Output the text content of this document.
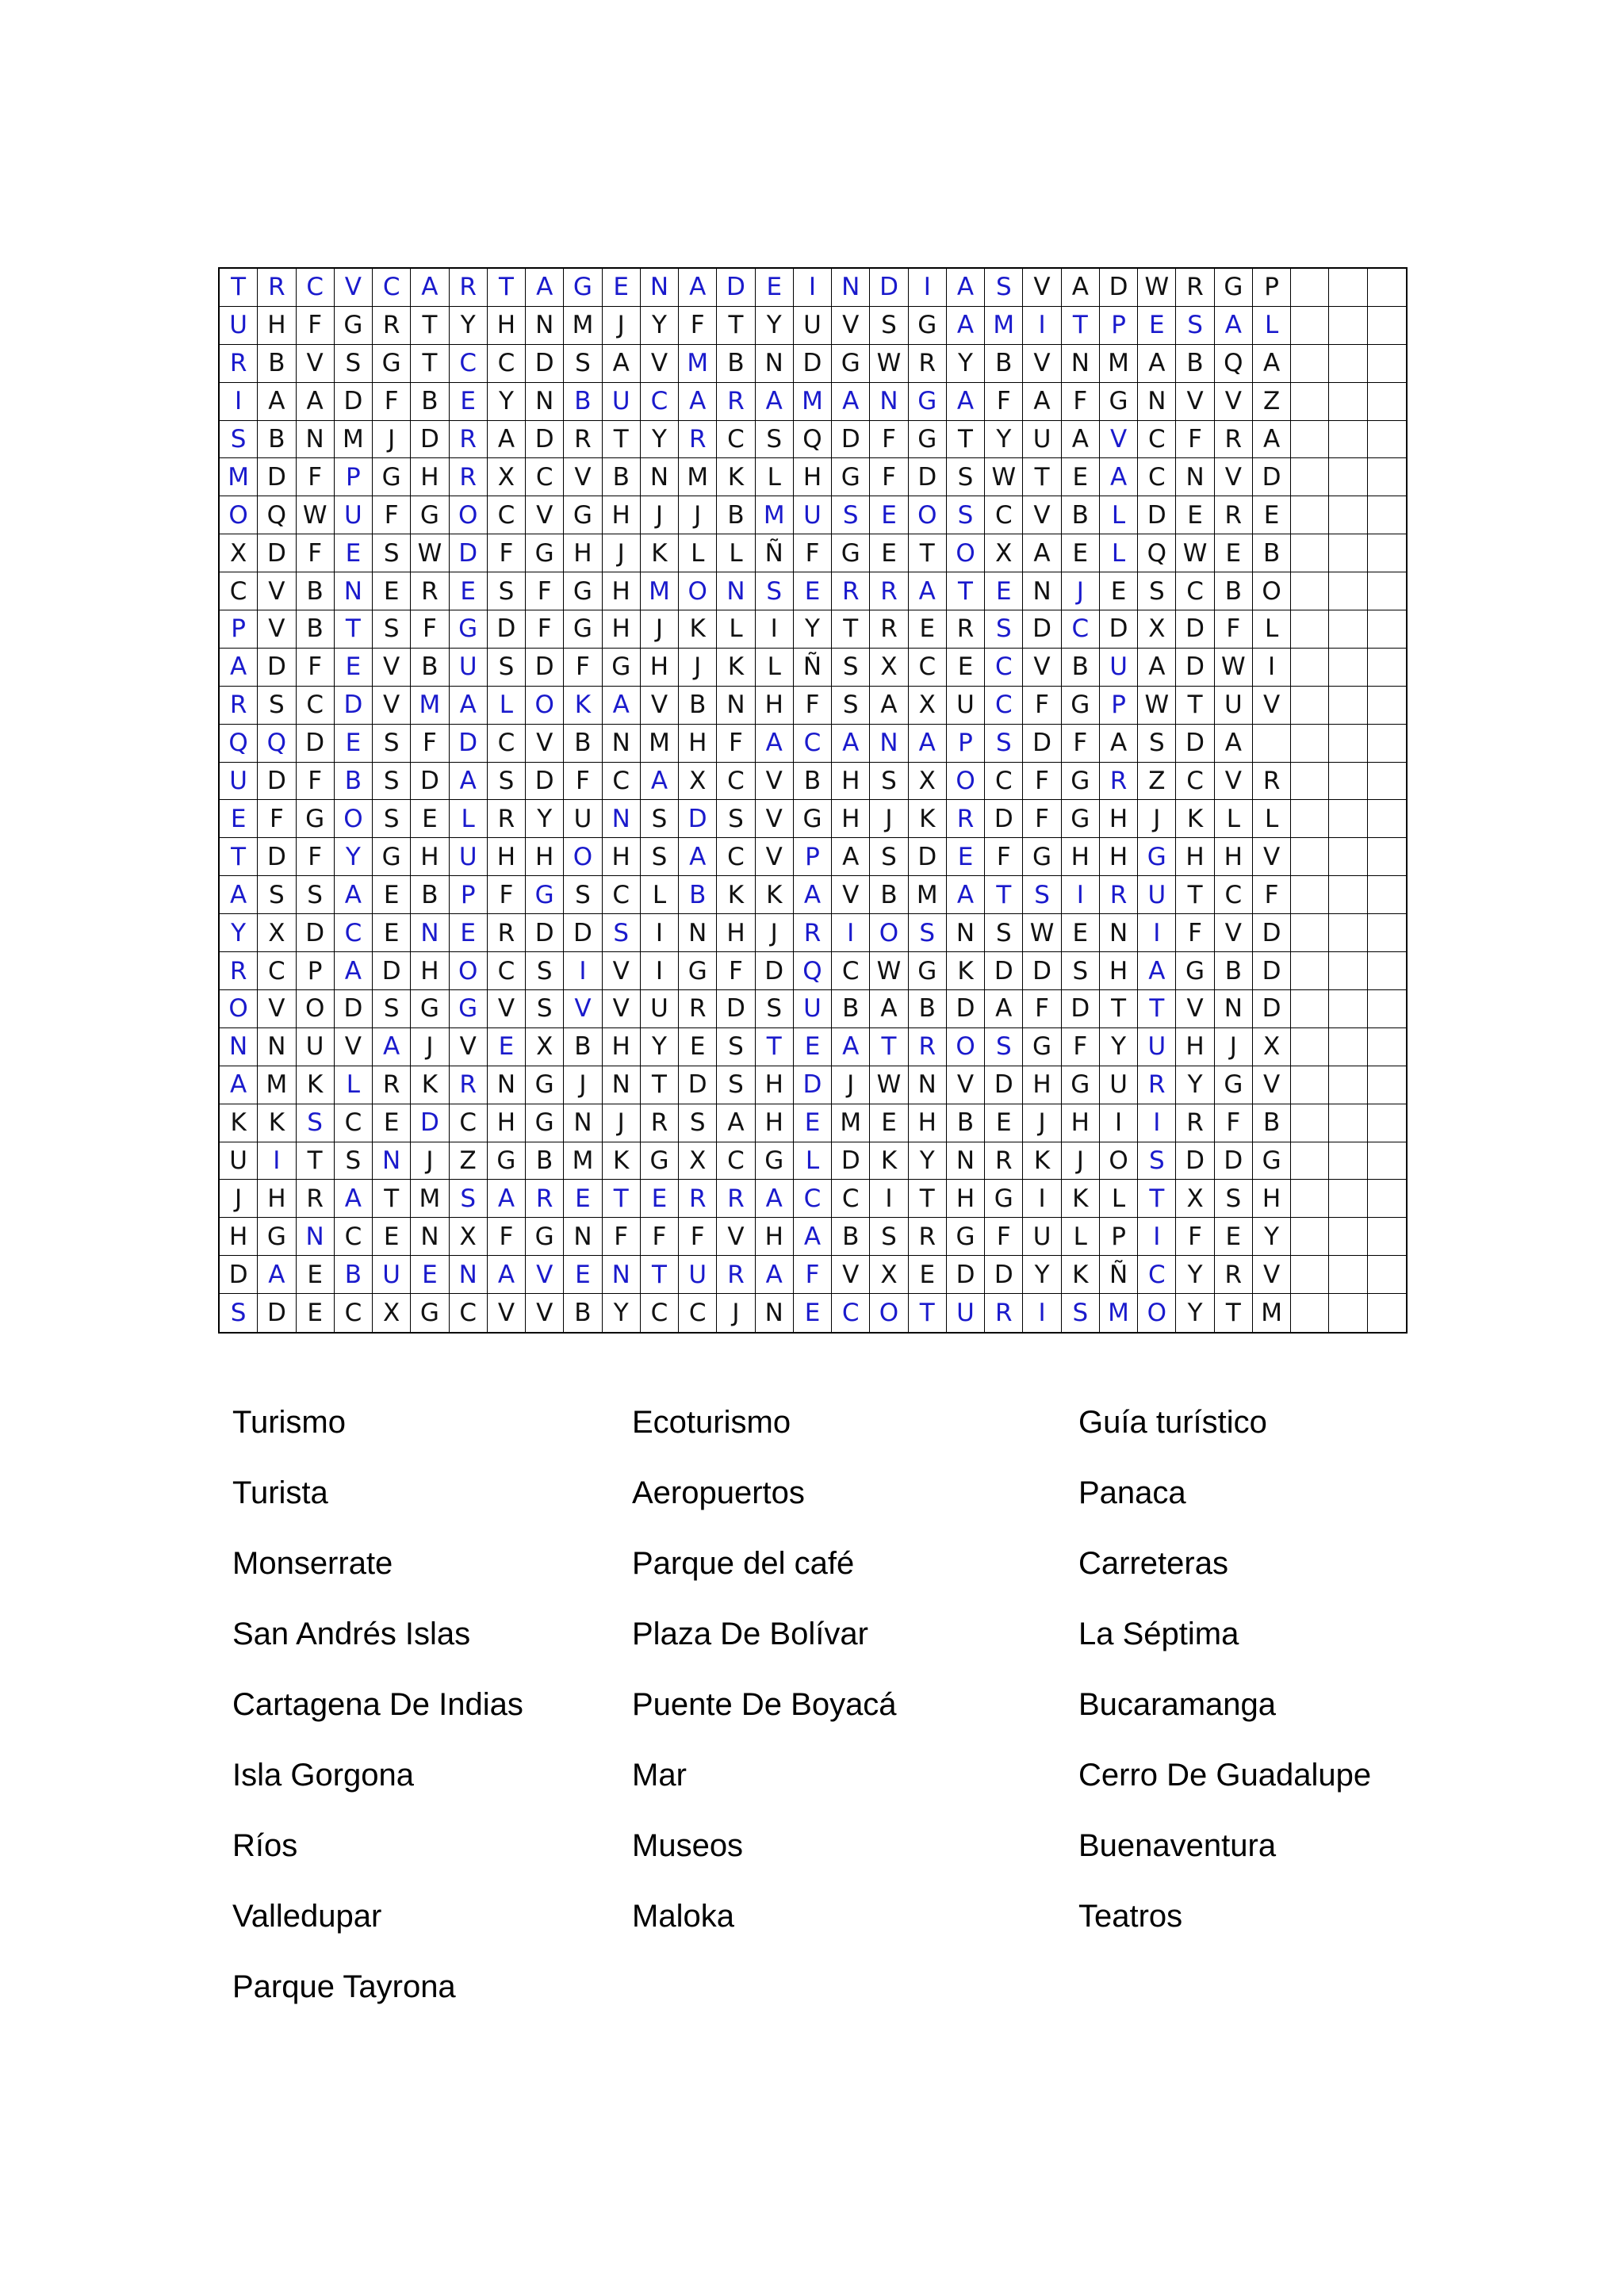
T R C V C A R T A G E N A D E	I	N D	I	A S V A D W R G P
U H F G R T Y H N M J	Y F T Y U V S G A M I	T P E S A L
R B V S G T C C D S A V M B N D G W R Y B V N M A B Q A
I	A A D F B E Y N B U C A R A M A N G A F A F G N V V Z
S B N M J	D R A D R T Y R C S Q D F G T Y U A V C F R A
M D F P G H R X C V B N M K L H G F D S W T E A C N V D
O Q W U F G O C V G H	J	J	B M U S E O S C V B L D E R E
X D F E S W D F G H	J	K L L Ñ F G E T O X A E L Q W E B
C V B N E R E S F G H M O N S E R R A T E N	J	E S C B O
P V B T S F G D F G H	J	K L	I	Y T R E R S D C D X D F L
A D F E V B U S D F G H	J	K L Ñ S X C E C V B U A D W I
R S C D V M A L O K A V B N H F S A X U C F G P W T U V
Q Q D E S F D C V B N M H F A C A N A P S D F A S D A
U D F B S D A S D F C A X C V B H S X O C F G R Z C V R
E F G O S E L R Y U N S D S V G H	J	K R D F G H	J	K L L
T D F Y G H U H H O H S A C V P A S D E F G H H G H H V
A S S A E B P F G S C L B K K A V B M A T S	I	R U T C F
Y X D C E N E R D D S	I	N H	J	R	I	O S N S W E N	I	F V D
R C P A D H O C S	I	V	I	G F D Q C W G K D D S H A G B D
O V O D S G G V S V V U R D S U B A B D A F D T T V N D
N N U V A	J	V E X B H Y E S T E A T R O S G F Y U H	J	X
A M K L R K R N G	J	N T D S H D	J W N V D H G U R Y G V
K K S C E D C H G N	J	R S A H E M E H B E	J	H	I	I	R F B
U	I	T S N	J	Z G B M K G X C G L D K Y N R K	J	O S D D G
J	H R A T M S A R E T E R R A C C	I	T H G	I	K L T X S H
H G N C E N X F G N F F F V H A B S R G F U L P	I	F E Y
D A E B U E N A V E N T U R A F V X E D D Y K Ñ C Y R V
S D E C X G C V V B Y C C	J	N E C O T U R	I	S M O Y T M
Turismo	Ecoturismo	Guía turístico
Turista	Aeropuertos	Panaca
Monserrate	Parque del café	Carreteras
San Andrés Islas	Plaza De Bolívar	La Séptima
Cartagena De Indias	Puente De Boyacá	Bucaramanga
Isla Gorgona	Mar	Cerro De Guadalupe
Ríos	Museos	Buenaventura
Valledupar	Maloka	Teatros
Parque Tayrona
